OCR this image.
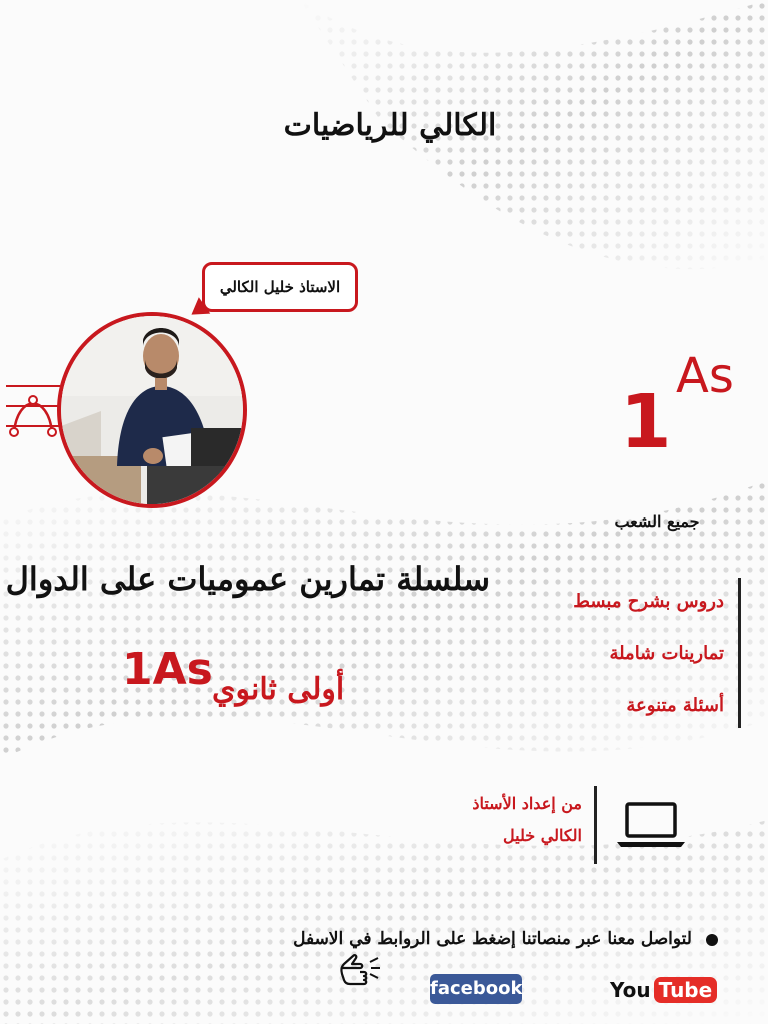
الكالي للرياضيات
الاستاذ خليل الكالي
As
1
جميع الشعب
سلسلة تمارين عموميات على الدوال
أولى ثانوي
1As
دروس بشرح مبسط
تمارينات شاملة
أسئلة متنوعة
من إعداد الأستاذ
الكالي خليل
لتواصل معنا عبر منصاتنا إضغط على الروابط في الاسفل
facebook	You Tube
